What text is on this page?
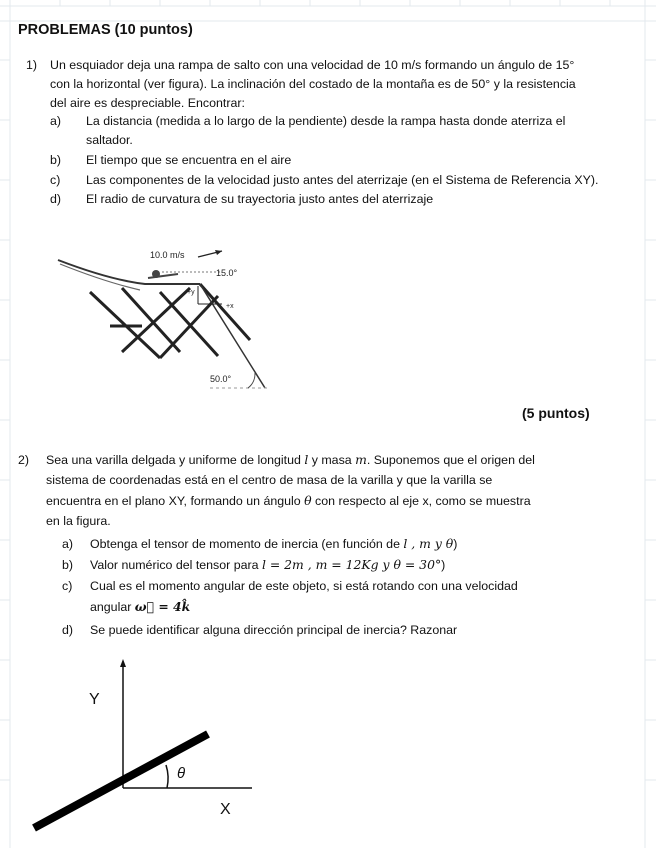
PROBLEMAS (10 puntos)
1) Un esquiador deja una rampa de salto con una velocidad de 10 m/s formando un ángulo de 15°
con la horizontal (ver figura). La inclinación del costado de la montaña es de 50° y la resistencia
del aire es despreciable. Encontrar:
a) La distancia (medida a lo largo de la pendiente) desde la rampa hasta donde aterriza el
saltador.
b) El tiempo que se encuentra en el aire
c) Las componentes de la velocidad justo antes del aterrizaje (en el Sistema de Referencia XY).
d) El radio de curvatura de su trayectoria justo antes del aterrizaje
10.0 m/s
15.0°
+y
+x
50.0°
(5 puntos)
2) Sea una varilla delgada y uniforme de longitud l y masa m. Suponemos que el origen del
sistema de coordenadas está en el centro de masa de la varilla y que la varilla se
encuentra en el plano XY, formando un ángulo θ con respecto al eje x, como se muestra
en la figura.
a) Obtenga el tensor de momento de inercia (en función de l , m y θ)
b) Valor numérico del tensor para l = 2m , m = 12Kg y θ = 30°)
c) Cual es el momento angular de este objeto, si está rotando con una velocidad
angular ω⃗ = 4k̂
d) Se puede identificar alguna dirección principal de inercia? Razonar
Y
X
θ
